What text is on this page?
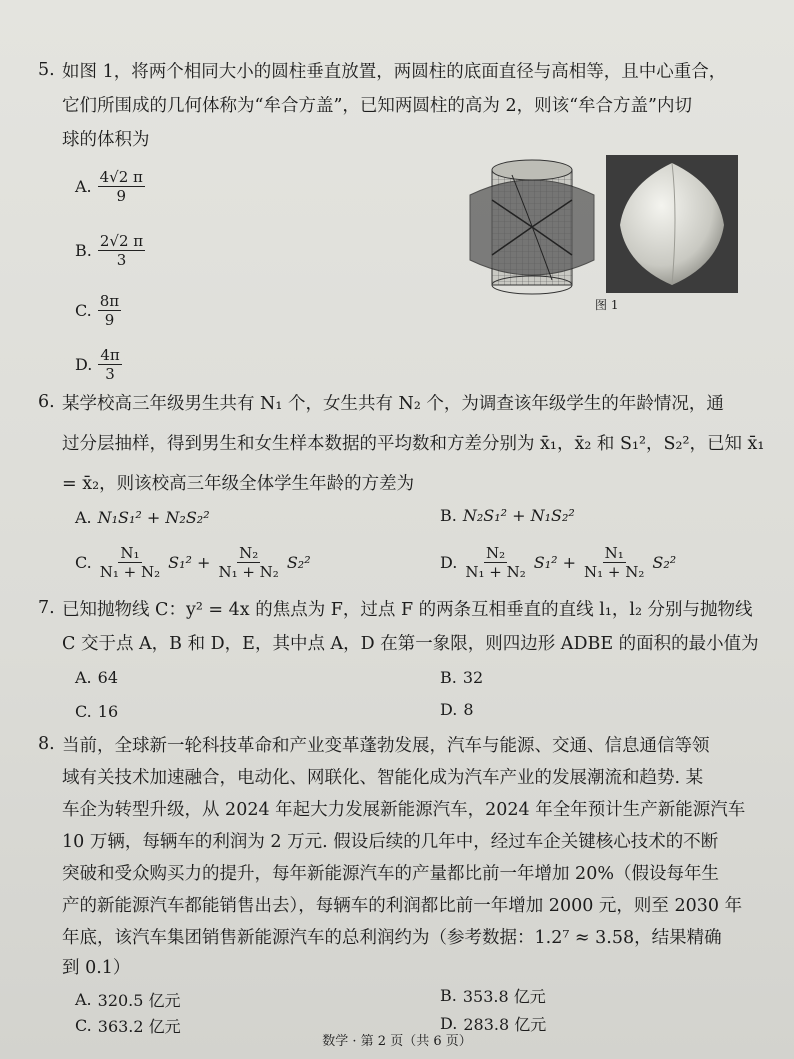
5. 如图 1，将两个相同大小的圆柱垂直放置，两圆柱的底面直径与高相等，且中心重合，
它们所围成的几何体称为“牟合方盖”，已知两圆柱的高为 2，则该“牟合方盖”内切
球的体积为
A. $\frac{4√2 \pi}{9}$
B. $\frac{2√2 \pi}{3}$
C. $\frac{8\pi}{9}$
D. $\frac{4\pi}{3}$
图 1
6. 某学校高三年级男生共有 N₁ 个，女生共有 N₂ 个，为调查该年级学生的年龄情况，通
过分层抽样，得到男生和女生样本数据的平均数和方差分别为 x̄₁，x̄₂ 和 S₁²，S₂²，已知 x̄₁
= x̄₂，则该校高三年级全体学生年龄的方差为
A. N₁S₁² + N₂S₂²	B. N₂S₁² + N₁S₂²
C. $\frac{\text{N₁}}{\text{N₁ + N₂}} S_1^2 + \frac{\text{N₂}}{\text{N₁ + N₂}} S_2^2$	D. $\frac{\text{N₂}}{\text{N₁ + N₂}} S_1^2 + \frac{\text{N₁}}{\text{N₁ + N₂}} S_2^2$
7. 已知抛物线 C：y² = 4x 的焦点为 F，过点 F 的两条互相垂直的直线 l₁，l₂ 分别与抛物线
C 交于点 A，B 和 D，E，其中点 A，D 在第一象限，则四边形 ADBE 的面积的最小值为
A. 64	B. 32
C. 16	D. 8
8. 当前，全球新一轮科技革命和产业变革蓬勃发展，汽车与能源、交通、信息通信等领
域有关技术加速融合，电动化、网联化、智能化成为汽车产业的发展潮流和趋势. 某
车企为转型升级，从 2024 年起大力发展新能源汽车，2024 年全年预计生产新能源汽车
10 万辆，每辆车的利润为 2 万元. 假设后续的几年中，经过车企关键核心技术的不断
突破和受众购买力的提升，每年新能源汽车的产量都比前一年增加 20%（假设每年生
产的新能源汽车都能销售出去），每辆车的利润都比前一年增加 2000 元，则至 2030 年
年底，该汽车集团销售新能源汽车的总利润约为（参考数据：1.2⁷ ≈ 3.58，结果精确
到 0.1）
A. 320.5 亿元	B. 353.8 亿元
C. 363.2 亿元	D. 283.8 亿元
数学 · 第 2 页（共 6 页）
